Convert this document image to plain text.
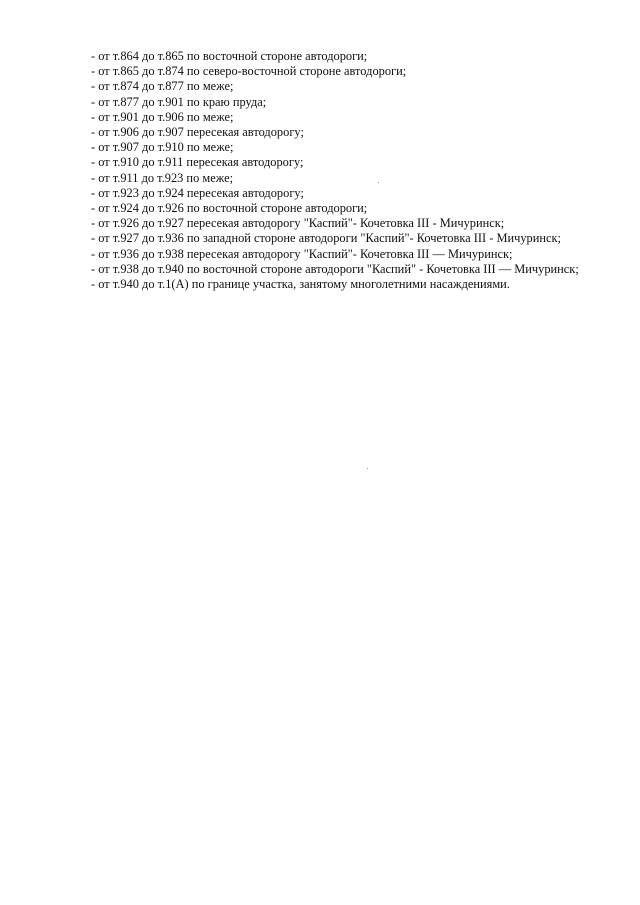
- от т.864 до т.865 по восточной стороне автодороги;

- от т.865 до т.874 по северо-восточной стороне автодороги;

- от т.874 до т.877 по меже;

- от т.877 до т.901 по краю пруда;

- от т.901 до т.906 по меже;

- от т.906 до т.907 пересекая автодорогу;

- от т.907 до т.910 по меже;

- от т.910 до т.911 пересекая автодорогу;

- от т.911 до т.923 по меже;

- от т.923 до т.924 пересекая автодорогу;

- от т.924 до т.926 по восточной стороне автодороги;

- от т.926 до т.927 пересекая автодорогу "Каспий"- Кочетовка III - Мичуринск;

- от т.927 до т.936 по западной стороне автодороги "Каспий"- Кочетовка III - Мичуринск;

- от т.936 до т.938 пересекая автодорогу "Каспий"- Кочетовка III — Мичуринск;

- от т.938 до т.940 по восточной стороне автодороги "Каспий" - Кочетовка III — Мичуринск;

- от т.940 до т.1(А) по границе участка, занятому многолетними насаждениями.
